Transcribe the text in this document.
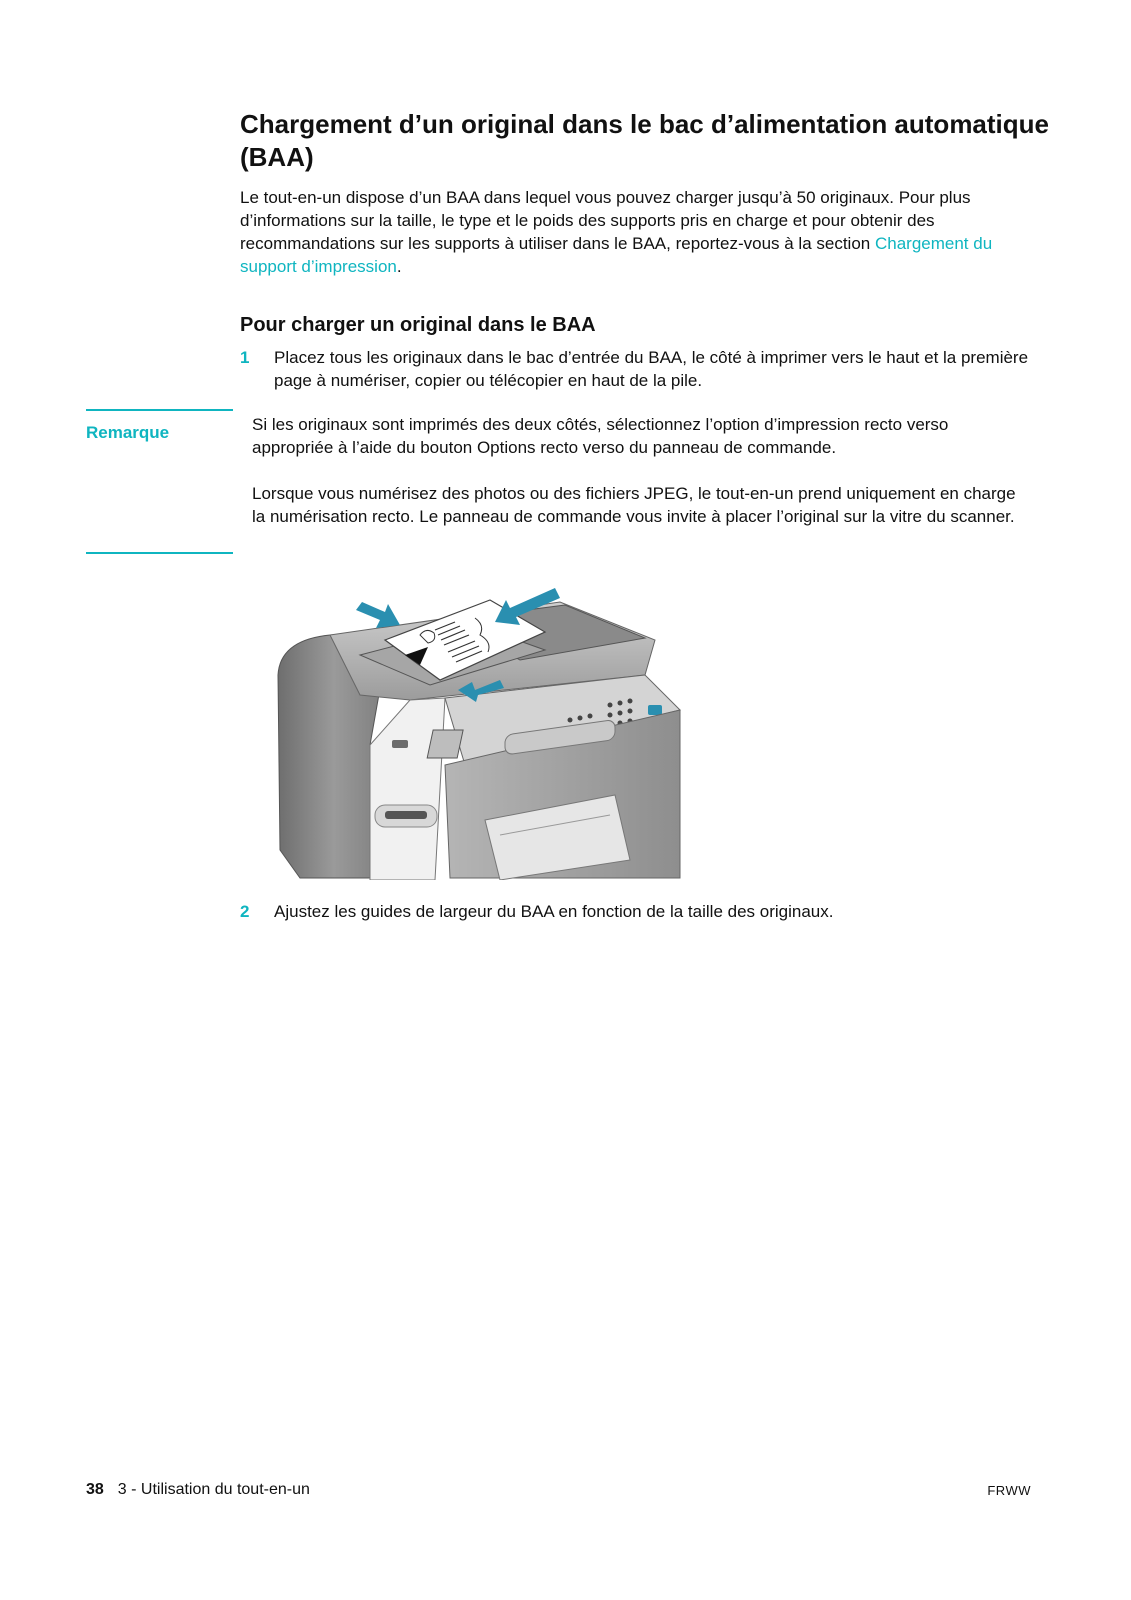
Chargement d’un original dans le bac d’alimentation automatique (BAA)

Le tout-en-un dispose d’un BAA dans lequel vous pouvez charger jusqu’à 50 originaux. Pour plus d’informations sur la taille, le type et le poids des supports pris en charge et pour obtenir des recommandations sur les supports à utiliser dans le BAA, reportez-vous à la section Chargement du support d’impression.

Pour charger un original dans le BAA
1 Placez tous les originaux dans le bac d’entrée du BAA, le côté à imprimer vers le haut et la première page à numériser, copier ou télécopier en haut de la pile.

Remarque	Si les originaux sont imprimés des deux côtés, sélectionnez l’option d’impression recto verso appropriée à l’aide du bouton Options recto verso du panneau de commande.

Lorsque vous numérisez des photos ou des fichiers JPEG, le tout-en-un prend uniquement en charge la numérisation recto. Le panneau de commande vous invite à placer l’original sur la vitre du scanner.

2 Ajustez les guides de largeur du BAA en fonction de la taille des originaux.

38 3 - Utilisation du tout-en-un	FRWW
